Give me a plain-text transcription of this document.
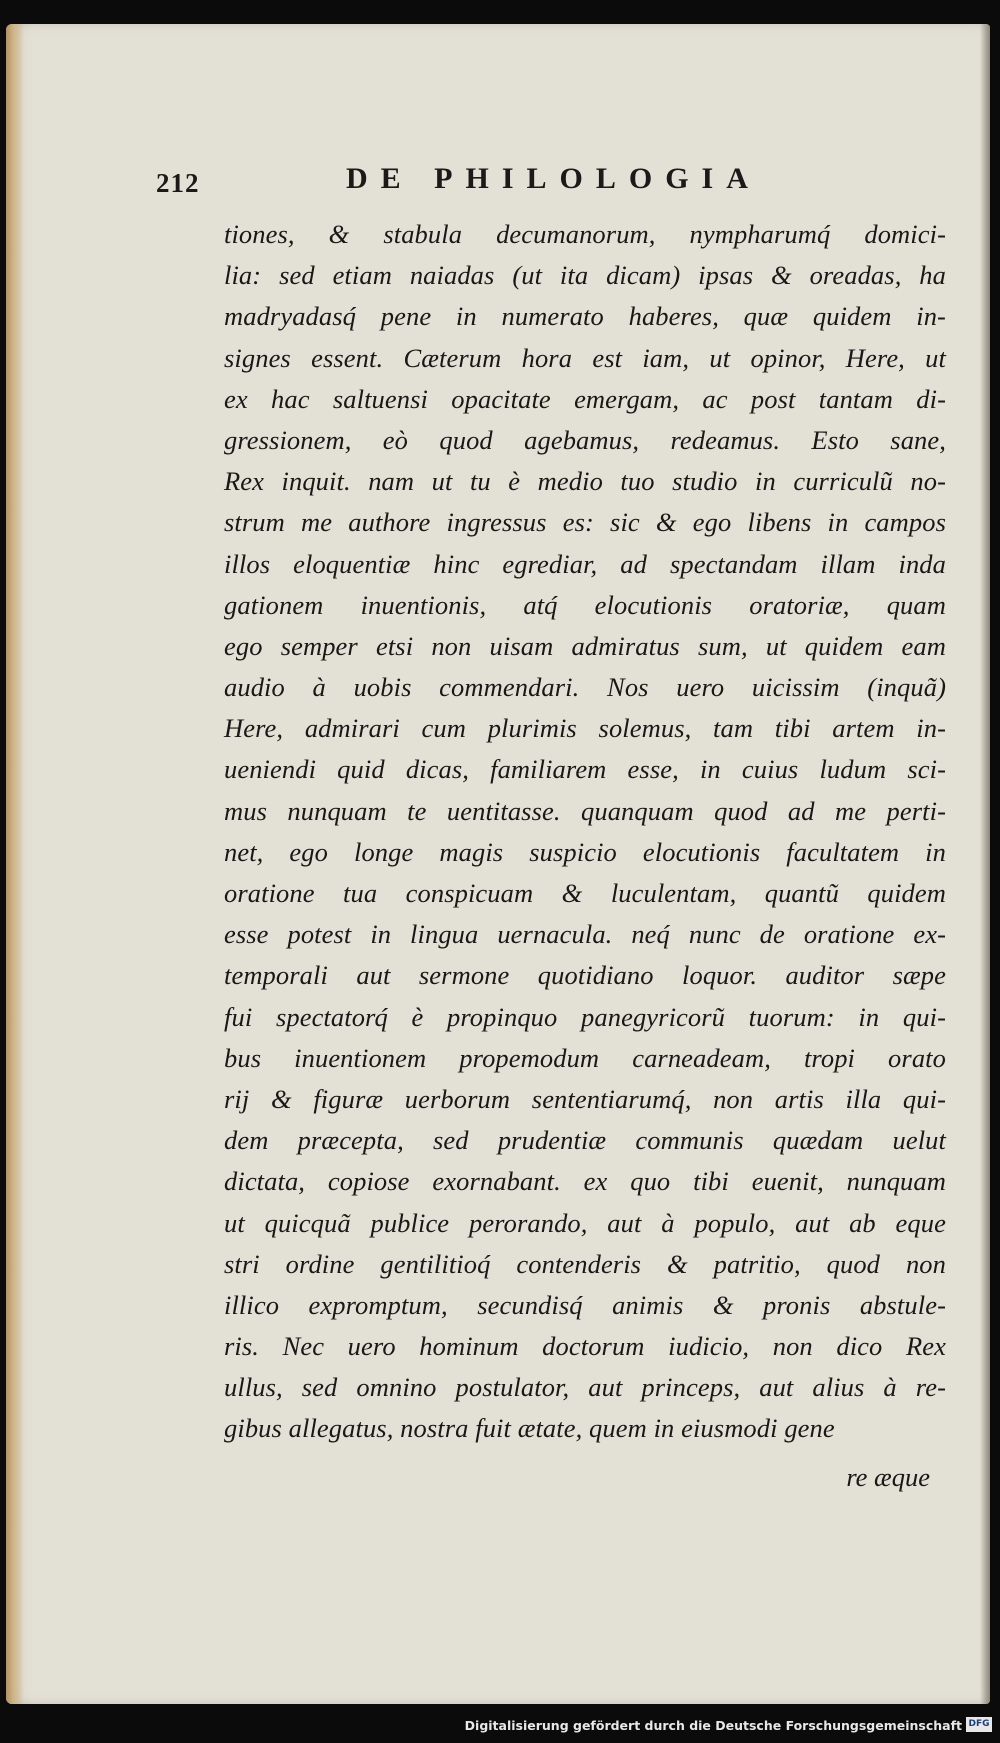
212	DE PHILOLOGIA
tiones, & stabula decumanorum, nympharumq́ domici-
lia: sed etiam naiadas (ut ita dicam) ipsas & oreadas, ha
madryadasq́ pene in numerato haberes, quæ quidem in-
signes essent. Cæterum hora est iam, ut opinor, Here, ut
ex hac saltuensi opacitate emergam, ac post tantam di-
gressionem, eò quod agebamus, redeamus. Esto sane,
Rex inquit. nam ut tu è medio tuo studio in curriculũ no-
strum me authore ingressus es: sic & ego libens in campos
illos eloquentiæ hinc egrediar, ad spectandam illam inda
gationem inuentionis, atq́ elocutionis oratoriæ, quam
ego semper etsi non uisam admiratus sum, ut quidem eam
audio à uobis commendari. Nos uero uicissim (inquã)
Here, admirari cum plurimis solemus, tam tibi artem in-
ueniendi quid dicas, familiarem esse, in cuius ludum sci-
mus nunquam te uentitasse. quanquam quod ad me perti-
net, ego longe magis suspicio elocutionis facultatem in
oratione tua conspicuam & luculentam, quantũ quidem
esse potest in lingua uernacula. neq́ nunc de oratione ex-
temporali aut sermone quotidiano loquor. auditor sæpe
fui spectatorq́ è propinquo panegyricorũ tuorum: in qui-
bus inuentionem propemodum carneadeam, tropi orato
rij & figuræ uerborum sententiarumq́, non artis illa qui-
dem præcepta, sed prudentiæ communis quædam uelut
dictata, copiose exornabant. ex quo tibi euenit, nunquam
ut quicquã publice perorando, aut à populo, aut ab eque
stri ordine gentilitioq́ contenderis & patritio, quod non
illico expromptum, secundisq́ animis & pronis abstule-
ris. Nec uero hominum doctorum iudicio, non dico Rex
ullus, sed omnino postulator, aut princeps, aut alius à re-
gibus allegatus, nostra fuit ætate, quem in eiusmodi gene
re æque
Digitalisierung gefördert durch die Deutsche Forschungsgemeinschaft DFG
